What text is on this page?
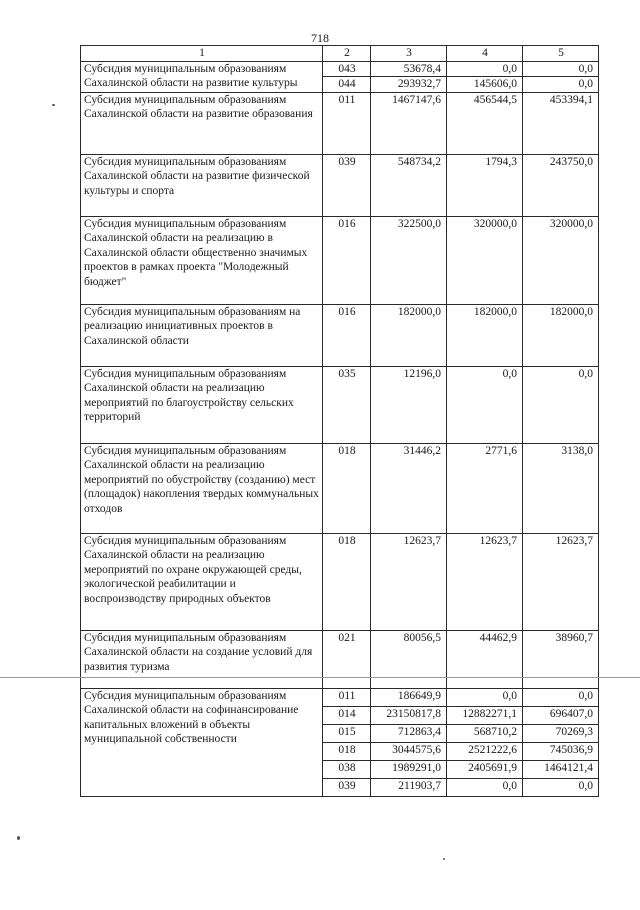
718
1	2	3	4	5
Субсидия муниципальным образованиям Сахалинской области на развитие культуры	043	53678,4	0,0	0,0
	044	293932,7	145606,0	0,0
Субсидия муниципальным образованиям Сахалинской области на развитие образования	011	1467147,6	456544,5	453394,1
Субсидия муниципальным образованиям Сахалинской области на развитие физической культуры и спорта	039	548734,2	1794,3	243750,0
Субсидия муниципальным образованиям Сахалинской области на реализацию в Сахалинской области общественно значимых проектов в рамках проекта "Молодежный бюджет"	016	322500,0	320000,0	320000,0
Субсидия муниципальным образованиям на реализацию инициативных проектов в Сахалинской области	016	182000,0	182000,0	182000,0
Субсидия муниципальным образованиям Сахалинской области на реализацию мероприятий по благоустройству сельских территорий	035	12196,0	0,0	0,0
Субсидия муниципальным образованиям Сахалинской области на реализацию мероприятий по обустройству (созданию) мест (площадок) накопления твердых коммунальных отходов	018	31446,2	2771,6	3138,0
Субсидия муниципальным образованиям Сахалинской области на реализацию мероприятий по охране окружающей среды, экологической реабилитации и воспроизводству природных объектов	018	12623,7	12623,7	12623,7
Субсидия муниципальным образованиям Сахалинской области на создание условий для развития туризма	021	80056,5	44462,9	38960,7
Субсидия муниципальным образованиям Сахалинской области на софинансирование капитальных вложений в объекты муниципальной собственности	011	186649,9	0,0	0,0
	014	23150817,8	12882271,1	696407,0
	015	712863,4	568710,2	70269,3
	018	3044575,6	2521222,6	745036,9
	038	1989291,0	2405691,9	1464121,4
	039	211903,7	0,0	0,0
